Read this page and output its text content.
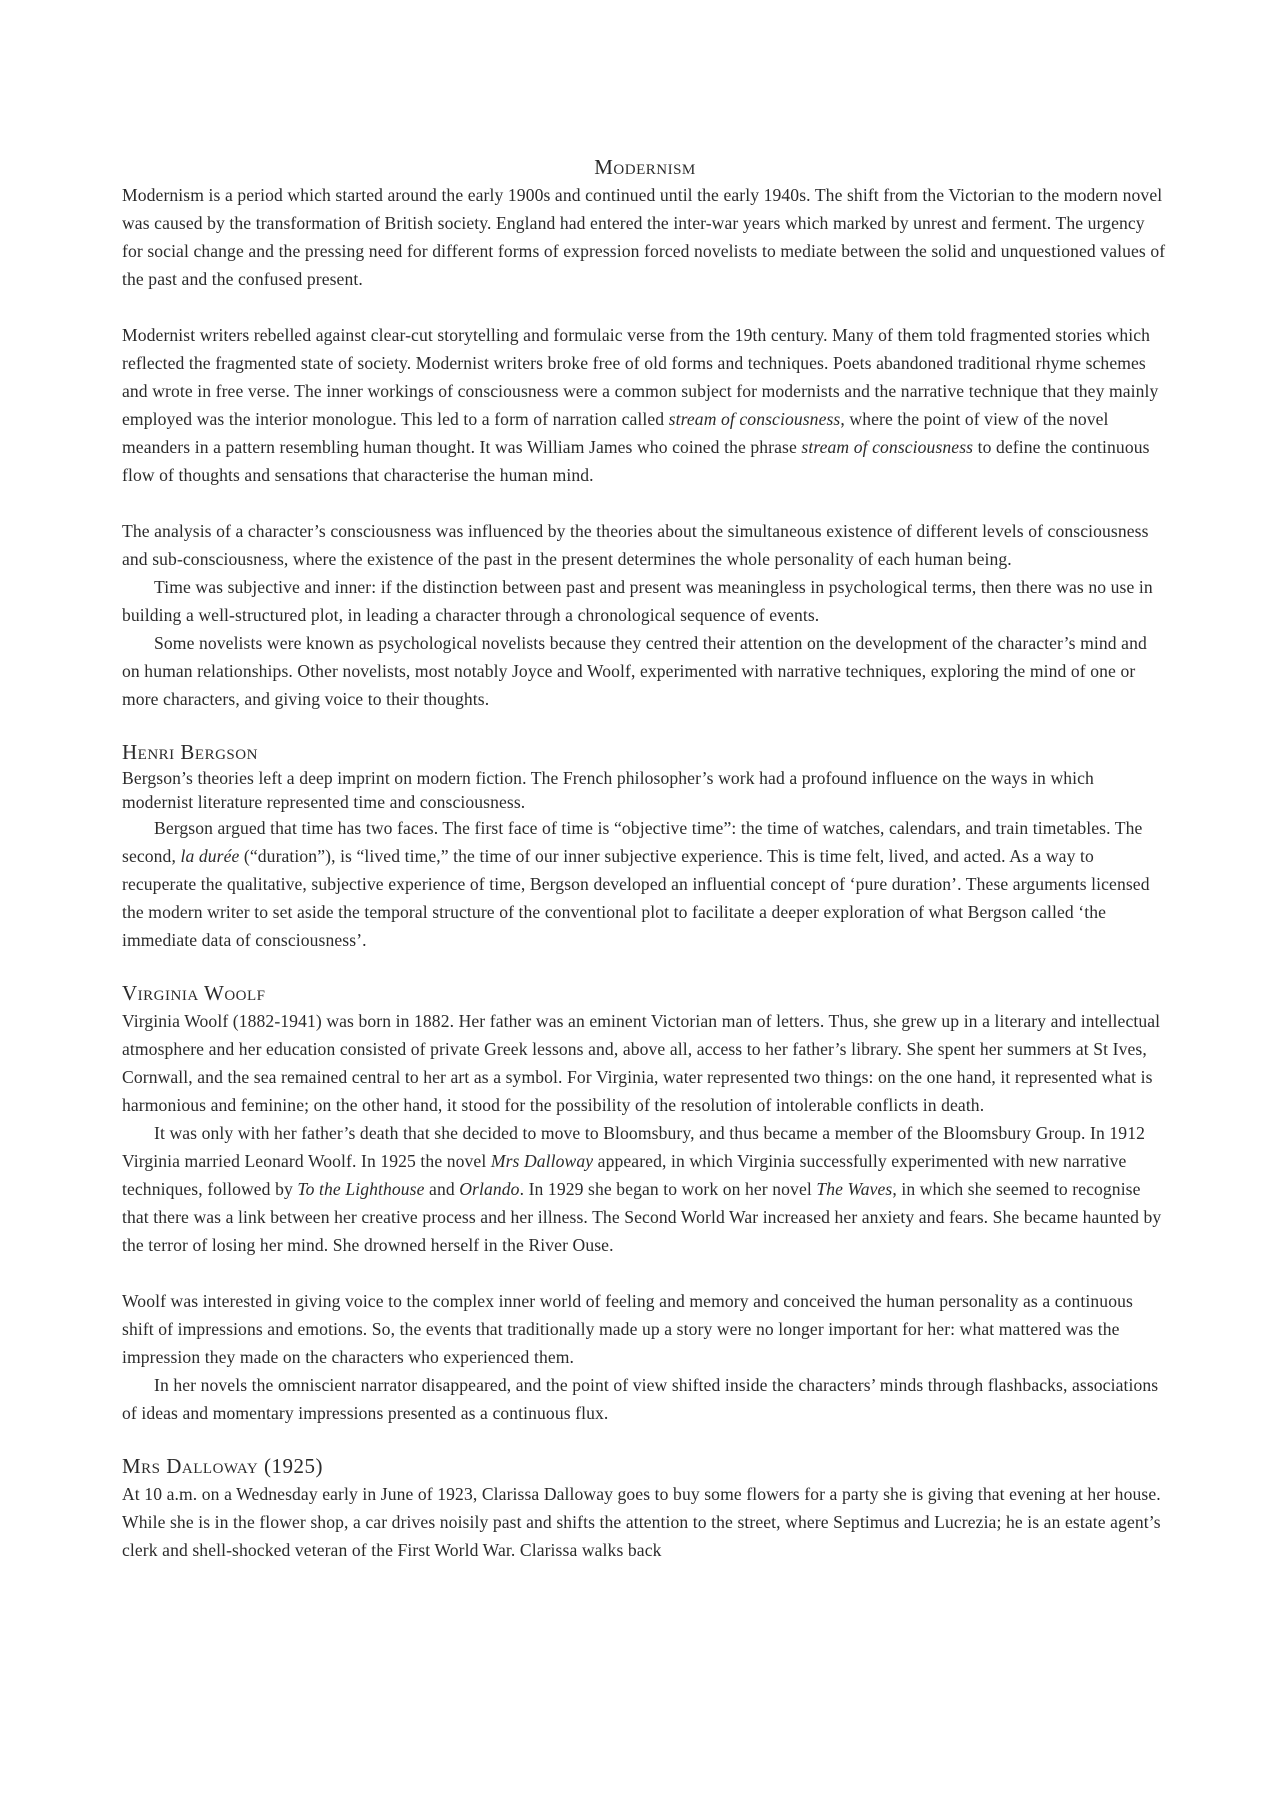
Modernism

Modernism is a period which started around the early 1900s and continued until the early 1940s. The shift from the Victorian to the modern novel was caused by the transformation of British society. England had entered the inter-war years which marked by unrest and ferment. The urgency for social change and the pressing need for different forms of expression forced novelists to mediate between the solid and unquestioned values of the past and the confused present.

Modernist writers rebelled against clear-cut storytelling and formulaic verse from the 19th century. Many of them told fragmented stories which reflected the fragmented state of society. Modernist writers broke free of old forms and techniques. Poets abandoned traditional rhyme schemes and wrote in free verse. The inner workings of consciousness were a common subject for modernists and the narrative technique that they mainly employed was the interior monologue. This led to a form of narration called stream of consciousness, where the point of view of the novel meanders in a pattern resembling human thought. It was William James who coined the phrase stream of consciousness to define the continuous flow of thoughts and sensations that characterise the human mind.

The analysis of a character’s consciousness was influenced by the theories about the simultaneous existence of different levels of consciousness and sub-consciousness, where the existence of the past in the present determines the whole personality of each human being.

Time was subjective and inner: if the distinction between past and present was meaningless in psychological terms, then there was no use in building a well-structured plot, in leading a character through a chronological sequence of events.

Some novelists were known as psychological novelists because they centred their attention on the development of the character’s mind and on human relationships. Other novelists, most notably Joyce and Woolf, experimented with narrative techniques, exploring the mind of one or more characters, and giving voice to their thoughts.

Henri Bergson

Bergson’s theories left a deep imprint on modern fiction. The French philosopher’s work had a profound influence on the ways in which modernist literature represented time and consciousness.

Bergson argued that time has two faces. The first face of time is “objective time”: the time of watches, calendars, and train timetables. The second, la durée (“duration”), is “lived time,” the time of our inner subjective experience. This is time felt, lived, and acted. As a way to recuperate the qualitative, subjective experience of time, Bergson developed an influential concept of ‘pure duration’. These arguments licensed the modern writer to set aside the temporal structure of the conventional plot to facilitate a deeper exploration of what Bergson called ‘the immediate data of consciousness’.

Virginia Woolf

Virginia Woolf (1882-1941) was born in 1882. Her father was an eminent Victorian man of letters. Thus, she grew up in a literary and intellectual atmosphere and her education consisted of private Greek lessons and, above all, access to her father’s library. She spent her summers at St Ives, Cornwall, and the sea remained central to her art as a symbol. For Virginia, water represented two things: on the one hand, it represented what is harmonious and feminine; on the other hand, it stood for the possibility of the resolution of intolerable conflicts in death.

It was only with her father’s death that she decided to move to Bloomsbury, and thus became a member of the Bloomsbury Group. In 1912 Virginia married Leonard Woolf. In 1925 the novel Mrs Dalloway appeared, in which Virginia successfully experimented with new narrative techniques, followed by To the Lighthouse and Orlando. In 1929 she began to work on her novel The Waves, in which she seemed to recognise that there was a link between her creative process and her illness. The Second World War increased her anxiety and fears. She became haunted by the terror of losing her mind. She drowned herself in the River Ouse.

Woolf was interested in giving voice to the complex inner world of feeling and memory and conceived the human personality as a continuous shift of impressions and emotions. So, the events that traditionally made up a story were no longer important for her: what mattered was the impression they made on the characters who experienced them.

In her novels the omniscient narrator disappeared, and the point of view shifted inside the characters’ minds through flashbacks, associations of ideas and momentary impressions presented as a continuous flux.

Mrs Dalloway (1925)

At 10 a.m. on a Wednesday early in June of 1923, Clarissa Dalloway goes to buy some flowers for a party she is giving that evening at her house. While she is in the flower shop, a car drives noisily past and shifts the attention to the street, where Septimus and Lucrezia; he is an estate agent’s clerk and shell-shocked veteran of the First World War. Clarissa walks back
